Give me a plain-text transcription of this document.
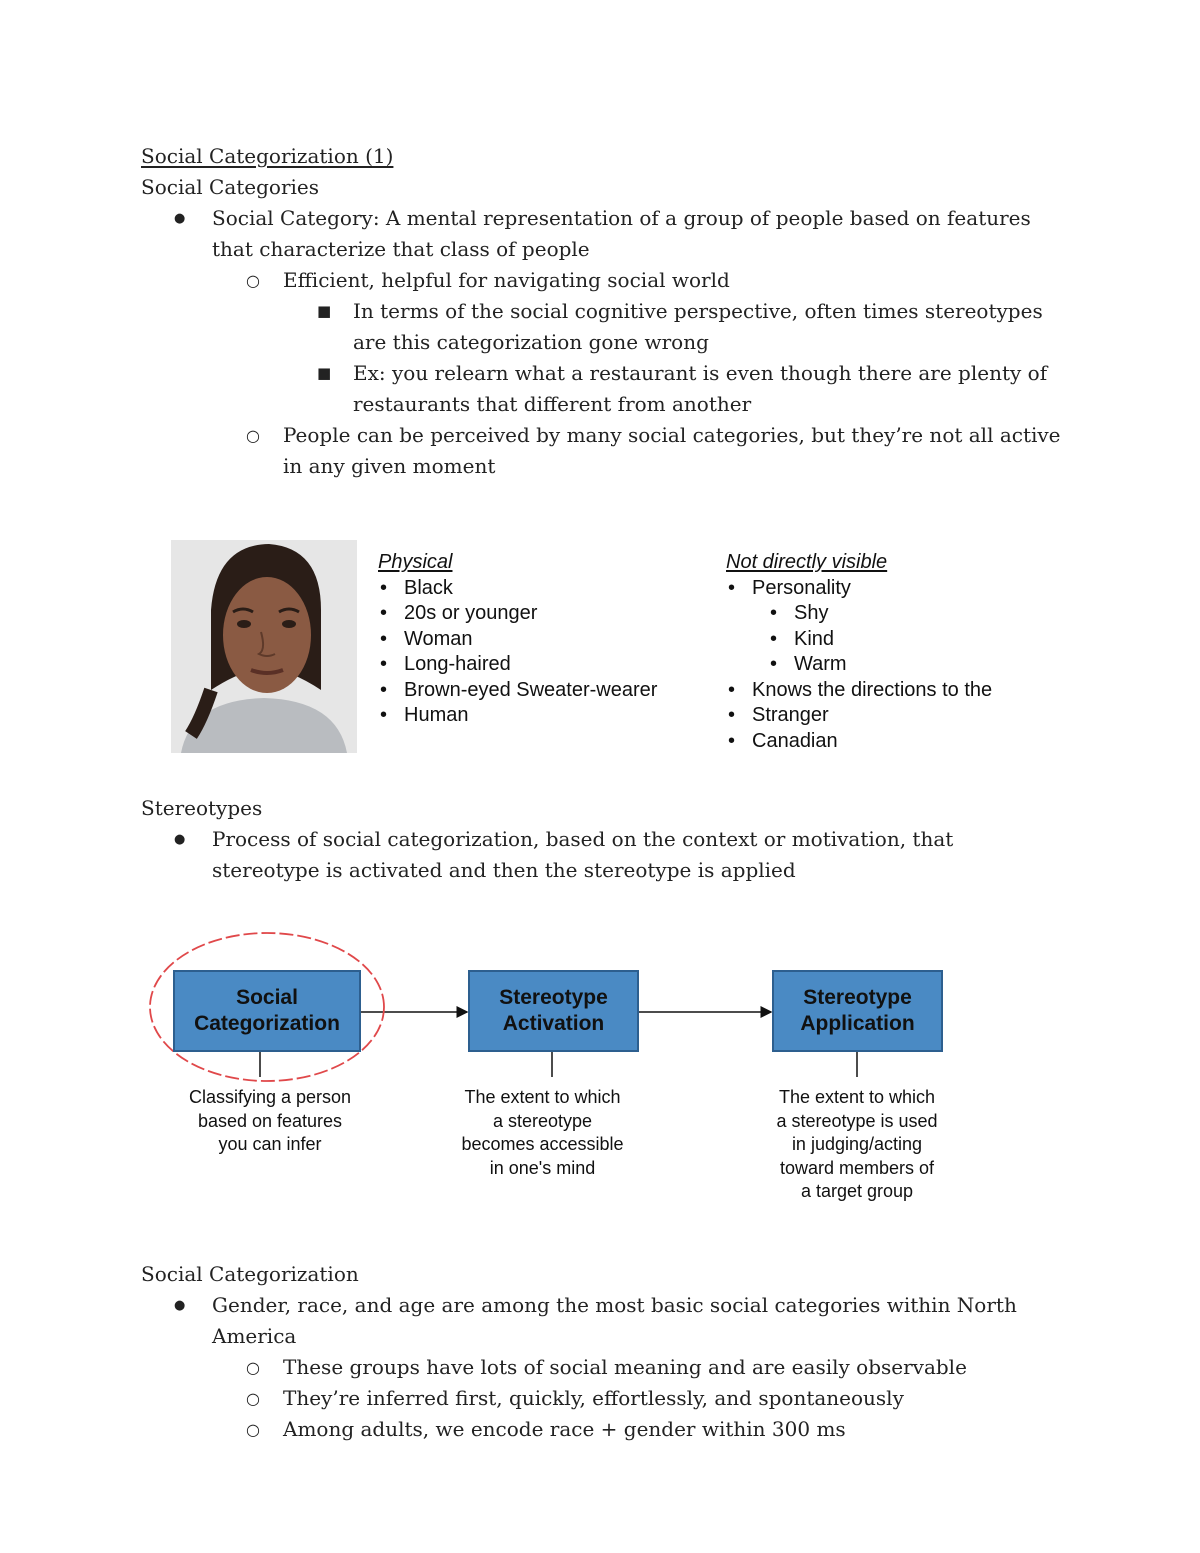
Social Categorization (1)
Social Categories
● Social Category: A mental representation of a group of people based on features that characterize that class of people
○ Efficient, helpful for navigating social world
■ In terms of the social cognitive perspective, often times stereotypes are this categorization gone wrong
■ Ex: you relearn what a restaurant is even though there are plenty of restaurants that different from another
○ People can be perceived by many social categories, but they’re not all active in any given moment
Physical
• Black
• 20s or younger
• Woman
• Long-haired
• Brown-eyed Sweater-wearer
• Human
Not directly visible
• Personality
• Shy
• Kind
• Warm
• Knows the directions to the
• Stranger
• Canadian
Stereotypes
● Process of social categorization, based on the context or motivation, that stereotype is activated and then the stereotype is applied
Social
Categorization
Stereotype
Activation
Stereotype
Application
Classifying a person
based on features
you can infer
The extent to which
a stereotype
becomes accessible
in one's mind
The extent to which
a stereotype is used
in judging/acting
toward members of
a target group
Social Categorization
● Gender, race, and age are among the most basic social categories within North America
○ These groups have lots of social meaning and are easily observable
○ They’re inferred first, quickly, effortlessly, and spontaneously
○ Among adults, we encode race + gender within 300 ms
